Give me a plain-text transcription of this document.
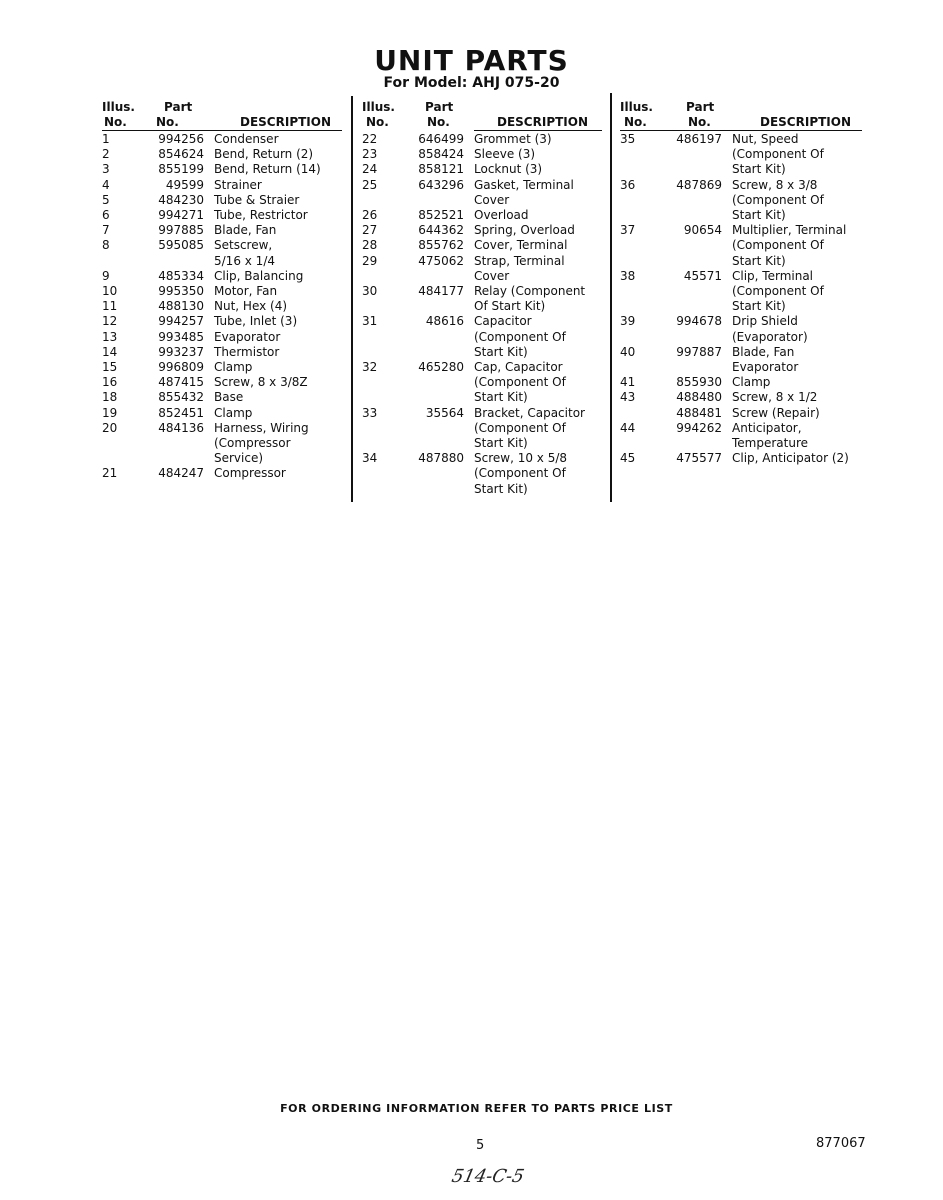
UNIT PARTS
For Model: AHJ 075-20
Illus.
No.
Part
No.	DESCRIPTION
1	994256 Condenser
2	854624 Bend, Return (2)
3	855199 Bend, Return (14)
4	49599 Strainer
5	484230 Tube & Straier
6	994271 Tube, Restrictor
7	997885 Blade, Fan
8	595085 Setscrew,
5/16 x 1/4
9	485334 Clip, Balancing
10	995350 Motor, Fan
11	488130 Nut, Hex (4)
12	994257 Tube, Inlet (3)
13	993485 Evaporator
14	993237 Thermistor
15	996809 Clamp
16	487415 Screw, 8 x 3/8Z
18	855432 Base
19	852451 Clamp
20	484136 Harness, Wiring
(Compressor
Service)
21	484247 Compressor
Illus.
No.
Part
No.	DESCRIPTION
22	646499 Grommet (3)
23	858424 Sleeve (3)
24	858121 Locknut (3)
25	643296 Gasket, Terminal
Cover
26	852521 Overload
27	644362 Spring, Overload
28	855762 Cover, Terminal
29	475062 Strap, Terminal
Cover
30	484177 Relay (Component
Of Start Kit)
31	48616 Capacitor
(Component Of
Start Kit)
32	465280 Cap, Capacitor
(Component Of
Start Kit)
33	35564 Bracket, Capacitor
(Component Of
Start Kit)
34	487880 Screw, 10 x 5/8
(Component Of
Start Kit)
Illus.
No.
Part
No.	DESCRIPTION
35	486197 Nut, Speed
(Component Of
Start Kit)
36	487869 Screw, 8 x 3/8
(Component Of
Start Kit)
37	90654 Multiplier, Terminal
(Component Of
Start Kit)
38	45571 Clip, Terminal
(Component Of
Start Kit)
39	994678 Drip Shield
(Evaporator)
40	997887 Blade, Fan
Evaporator
41	855930 Clamp
43	488480 Screw, 8 x 1/2
488481 Screw (Repair)
44	994262 Anticipator,
Temperature
45	475577 Clip, Anticipator (2)
FOR ORDERING INFORMATION REFER TO PARTS PRICE LIST
5	877067
514-C-5
